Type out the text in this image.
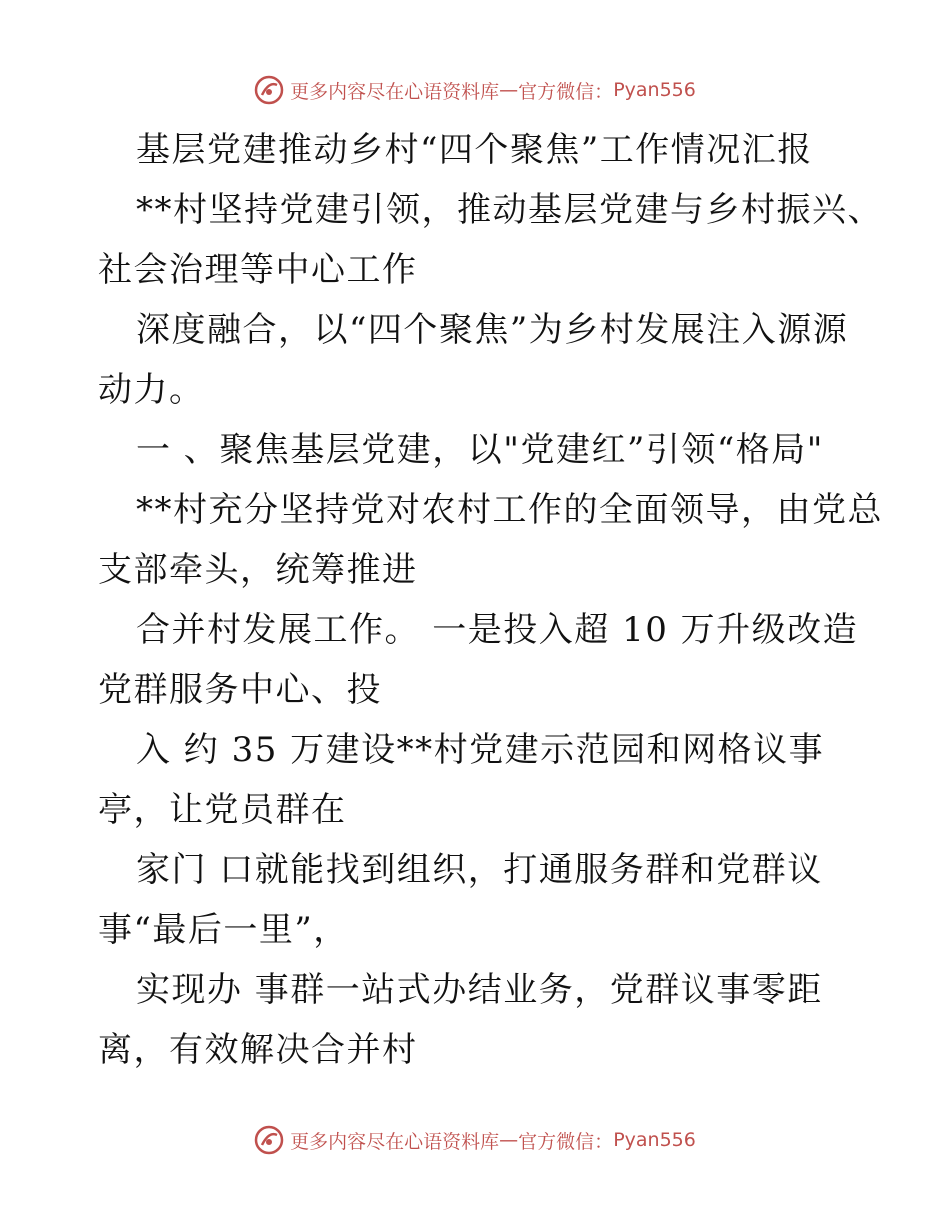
更多内容尽在心语资料库 — 官方微信： Pyan556
基层党建推动乡村“四个聚焦”工作情况汇报
**村坚持党建引领，推动基层党建与乡村振兴、
社会治理等中心工作
深度融合，以“四个聚焦”为乡村发展注入源源
动力。
一 、聚焦基层党建，以"党建红”引领“格局"
**村充分坚持党对农村工作的全面领导，由党总
支部牵头，统筹推进
合并村发展工作。 一是投入超 10 万升级改造
党群服务中心、投
入 约 35 万建设**村党建示范园和网格议事
亭，让党员群在
家门 口就能找到组织，打通服务群和党群议
事“最后一里”，
实现办 事群一站式办结业务，党群议事零距
离，有效解决合并村
更多内容尽在心语资料库 — 官方微信： Pyan556
